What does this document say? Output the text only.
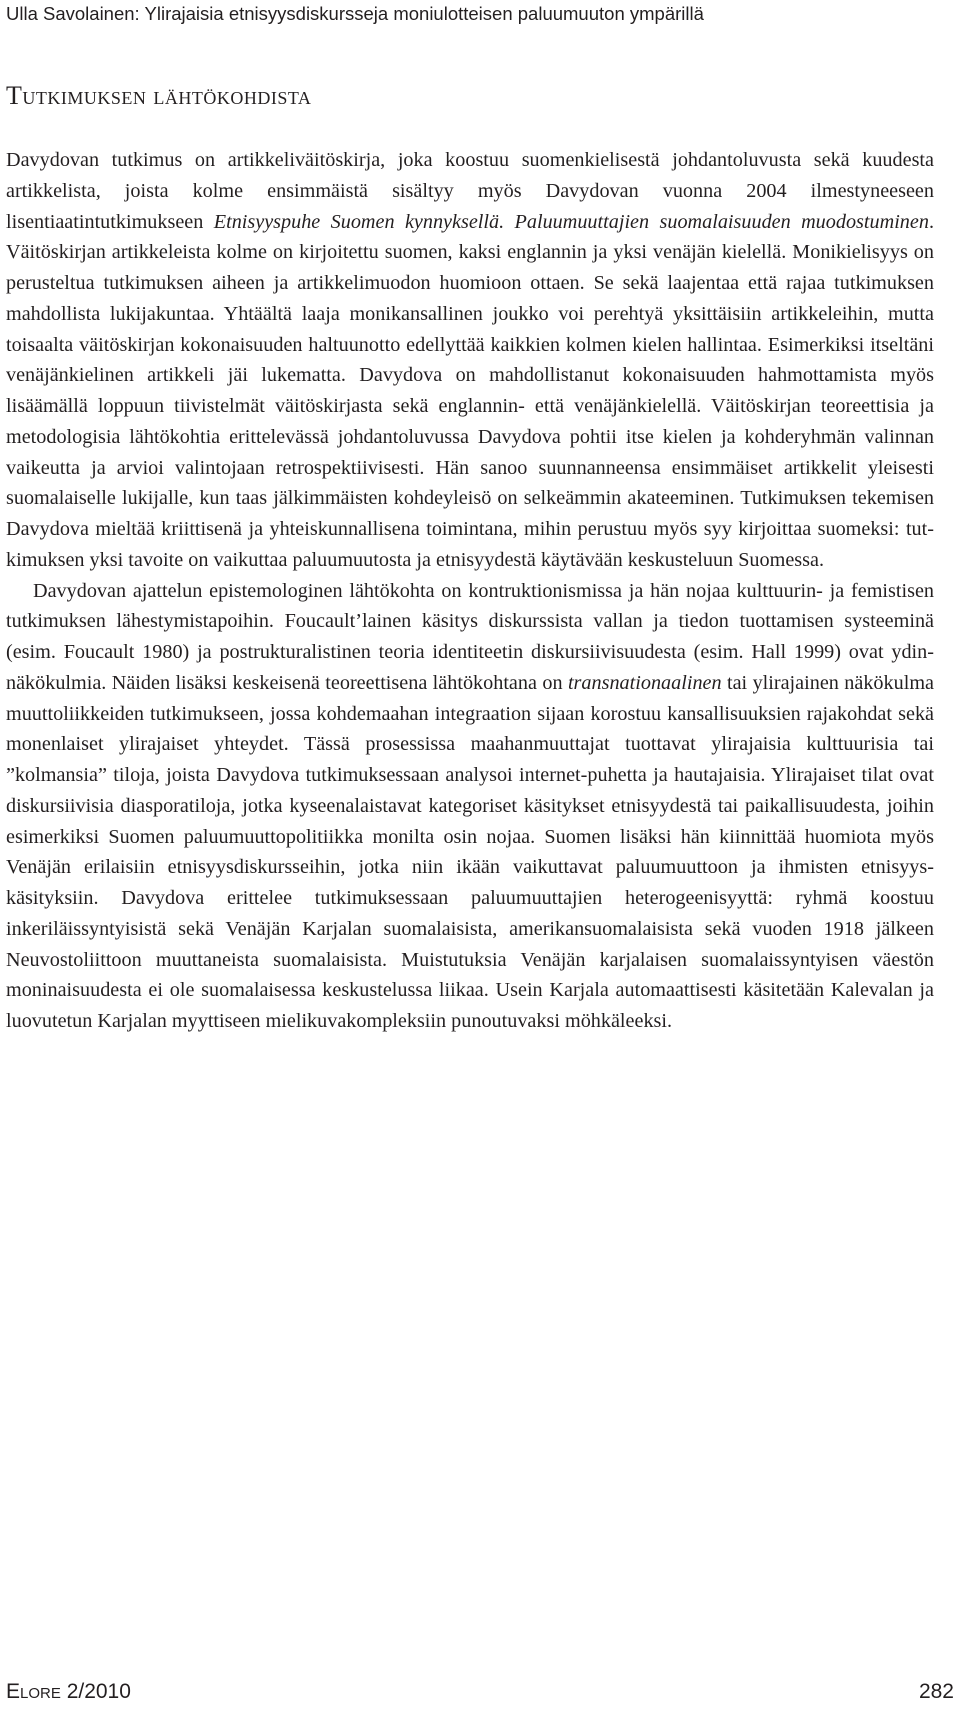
Ulla Savolainen: Ylirajaisia etnisyysdiskursseja moniulotteisen paluumuuton ympärillä
Tutkimuksen lähtökohdista

Davydovan tutkimus on artikkeliväitöskirja, joka koostuu suomenkielisestä johdantoluvusta sekä kuudesta artikkelista, joista kolme ensimmäistä sisältyy myös Davydovan vuonna 2004 ilmestyneeseen lisentiaatintutkimukseen Etnisyyspuhe Suomen kynnyksellä. Paluumuuttajien suomalaisuuden muodostuminen. Väitöskirjan artikkeleista kolme on kirjoitettu suomen, kaksi englannin ja yksi venäjän kielellä. Monikielisyys on perusteltua tutkimuksen aiheen ja artikkelimuodon huomioon ottaen. Se sekä laajentaa että rajaa tutkimuksen mahdollista lukijakuntaa. Yhtäältä laaja monikansallinen joukko voi perehtyä yksittäisiin artikkeleihin, mutta toisaalta väitöskirjan kokonaisuuden haltuunotto edellyttää kaikkien kolmen kielen hallintaa. Esimerkiksi itseltäni venäjänkielinen artikkeli jäi lukematta. Davydova on mahdollistanut kokonaisuuden hahmottamista myös lisäämällä loppuun tiivistelmät väitöskirjasta sekä englannin- että venäjänkielellä. Väitöskirjan teoreettisia ja metodologisia lähtökohtia erittelevässä johdantoluvussa Davydova pohtii itse kielen ja kohderyhmän valinnan vaikeutta ja arvioi valintojaan retrospektiivisesti. Hän sanoo suunnanneensa ensimmäiset artikkelit yleisesti suomalaiselle lukijalle, kun taas jälkimmäisten kohdeyleisö on selkeämmin akateeminen. Tutkimuksen tekemisen Davydova mieltää kriittisenä ja yhteiskunnallisena toimintana, mihin perustuu myös syy kirjoittaa suomeksi: tutkimuksen yksi tavoite on vaikuttaa paluumuutosta ja etnisyydestä käytävään keskusteluun Suomessa.

Davydovan ajattelun epistemologinen lähtökohta on kontruktionismissa ja hän nojaa kulttuurin- ja femistisen tutkimuksen lähestymistapoihin. Foucault’lainen käsitys diskurssista vallan ja tiedon tuottamisen systeeminä (esim. Foucault 1980) ja postrukturalistinen teoria identiteetin diskursiivisuudesta (esim. Hall 1999) ovat ydin-näkökulmia. Näiden lisäksi keskeisenä teoreettisena lähtökohtana on transnationaalinen tai ylirajainen näkökulma muuttoliikkeiden tutkimukseen, jossa kohdemaahan integraation sijaan korostuu kansallisuuksien rajakohdat sekä monenlaiset ylirajaiset yhteydet. Tässä prosessissa maahanmuuttajat tuottavat ylirajaisia kulttuurisia tai ”kolmansia” tiloja, joista Davydova tutkimuksessaan analysoi internet-puhetta ja hautajaisia. Ylirajaiset tilat ovat diskursiivisia diasporatiloja, jotka kyseenalaistavat kategoriset käsitykset etnisyydestä tai paikallisuudesta, joihin esimerkiksi Suomen paluumuuttopolitiikka monilta osin nojaa. Suomen lisäksi hän kiinnittää huomiota myös Venäjän erilaisiin etnisyysdiskursseihin, jotka niin ikään vaikuttavat paluumuuttoon ja ihmisten etnisyys-käsityksiin. Davydova erittelee tutkimuksessaan paluumuuttajien heterogeenisyyttä: ryhmä koostuu inkeriläissyntyisistä sekä Venäjän Karjalan suomalaisista, amerikansuomalaisista sekä vuoden 1918 jälkeen Neuvostoliittoon muuttaneista suomalaisista. Muistutuksia Venäjän karjalaisen suomalaissyntyisen väestön moninaisuudesta ei ole suomalaisessa keskustelussa liikaa. Usein Karjala automaattisesti käsitetään Kalevalan ja luovutetun Karjalan myyttiseen mielikuvakompleksiin punoutuvaksi möhkäleeksi.

Elore 2/2010	282
